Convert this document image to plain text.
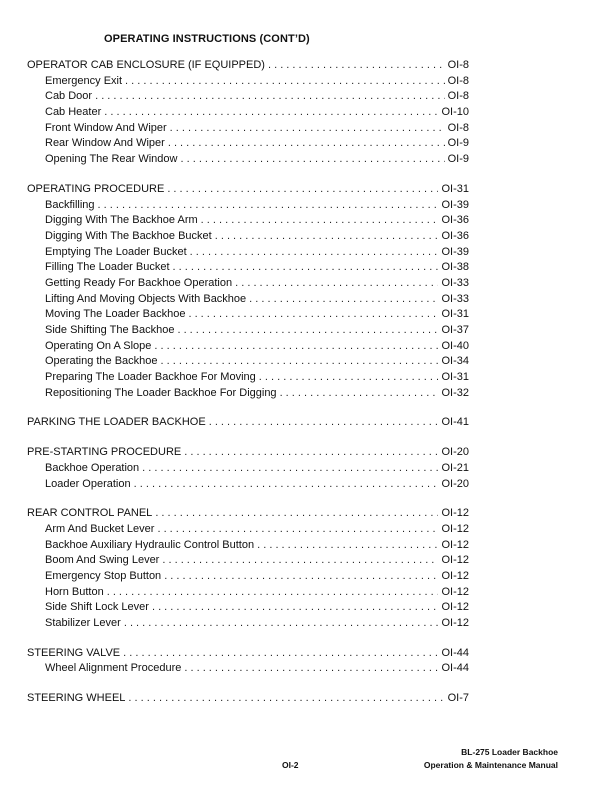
OPERATING INSTRUCTIONS (CONT’D)
OPERATOR CAB ENCLOSURE (IF EQUIPPED) . . .	OI-8
Emergency Exit . . .	OI-8
Cab Door . . .	OI-8
Cab Heater . . .	OI-10
Front Window And Wiper . . .	OI-8
Rear Window And Wiper . . .	OI-9
Opening The Rear Window . . .	OI-9
OPERATING PROCEDURE . . .	OI-31
Backfilling . . .	OI-39
Digging With The Backhoe Arm . . .	OI-36
Digging With The Backhoe Bucket . . .	OI-36
Emptying The Loader Bucket . . .	OI-39
Filling The Loader Bucket . . .	OI-38
Getting Ready For Backhoe Operation . . .	OI-33
Lifting And Moving Objects With Backhoe . . .	OI-33
Moving The Loader Backhoe . . .	OI-31
Side Shifting The Backhoe . . .	OI-37
Operating On A Slope . . .	OI-40
Operating the Backhoe . . .	OI-34
Preparing The Loader Backhoe For Moving . . .	OI-31
Repositioning The Loader Backhoe For Digging . . .	OI-32
PARKING THE LOADER BACKHOE . . .	OI-41
PRE-STARTING PROCEDURE . . .	OI-20
Backhoe Operation . . .	OI-21
Loader Operation . . .	OI-20
REAR CONTROL PANEL . . .	OI-12
Arm And Bucket Lever . . .	OI-12
Backhoe Auxiliary Hydraulic Control Button . . .	OI-12
Boom And Swing Lever . . .	OI-12
Emergency Stop Button . . .	OI-12
Horn Button . . .	OI-12
Side Shift Lock Lever . . .	OI-12
Stabilizer Lever . . .	OI-12
STEERING VALVE . . .	OI-44
Wheel Alignment Procedure . . .	OI-44
STEERING WHEEL . . .	OI-7
OI-2
BL-275 Loader Backhoe
Operation & Maintenance Manual
